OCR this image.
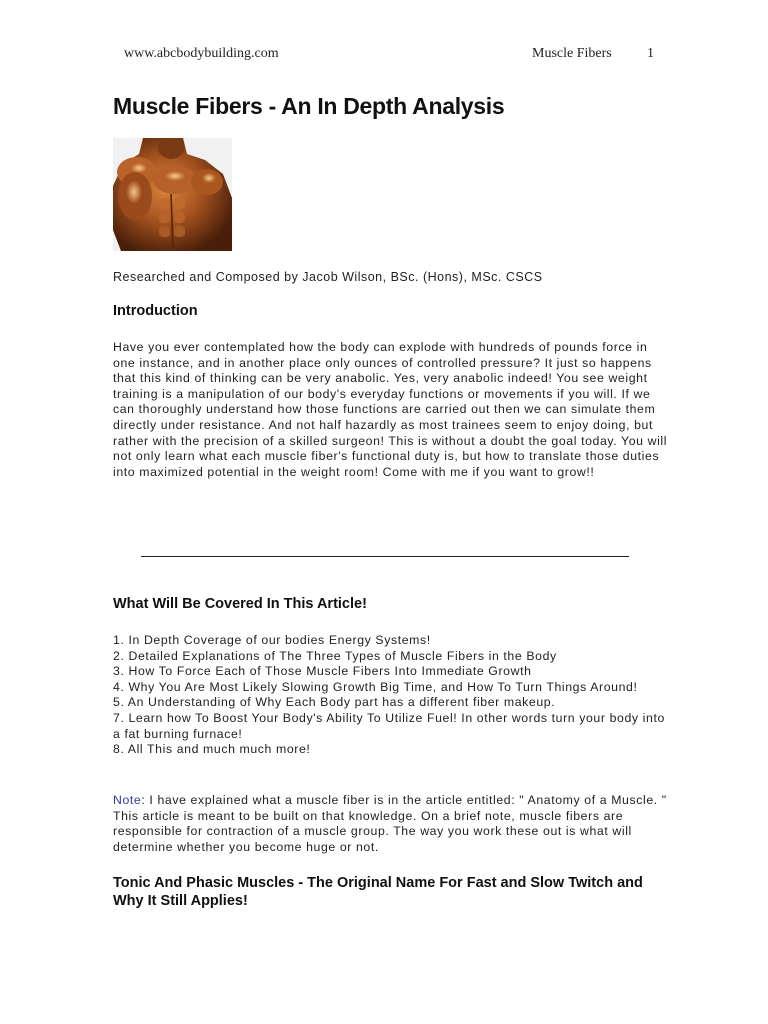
www.abcbodybuilding.com	Muscle Fibers	1
Muscle Fibers - An In Depth Analysis
Researched and Composed by Jacob Wilson, BSc. (Hons), MSc. CSCS
Introduction

Have you ever contemplated how the body can explode with hundreds of pounds force in one instance, and in another place only ounces of controlled pressure? It just so happens that this kind of thinking can be very anabolic. Yes, very anabolic indeed! You see weight training is a manipulation of our body's everyday functions or movements if you will. If we can thoroughly understand how those functions are carried out then we can simulate them directly under resistance. And not half hazardly as most trainees seem to enjoy doing, but rather with the precision of a skilled surgeon! This is without a doubt the goal today. You will not only learn what each muscle fiber's functional duty is, but how to translate those duties into maximized potential in the weight room! Come with me if you want to grow!!

What Will Be Covered In This Article!
1. In Depth Coverage of our bodies Energy Systems!
2. Detailed Explanations of The Three Types of Muscle Fibers in the Body
3. How To Force Each of Those Muscle Fibers Into Immediate Growth
4. Why You Are Most Likely Slowing Growth Big Time, and How To Turn Things Around!
5. An Understanding of Why Each Body part has a different fiber makeup.
7. Learn how To Boost Your Body's Ability To Utilize Fuel! In other words turn your body into a fat burning furnace!
8. All This and much much more!

Note: I have explained what a muscle fiber is in the article entitled: " Anatomy of a Muscle. " This article is meant to be built on that knowledge. On a brief note, muscle fibers are responsible for contraction of a muscle group. The way you work these out is what will determine whether you become huge or not.

Tonic And Phasic Muscles - The Original Name For Fast and Slow Twitch and Why It Still Applies!
